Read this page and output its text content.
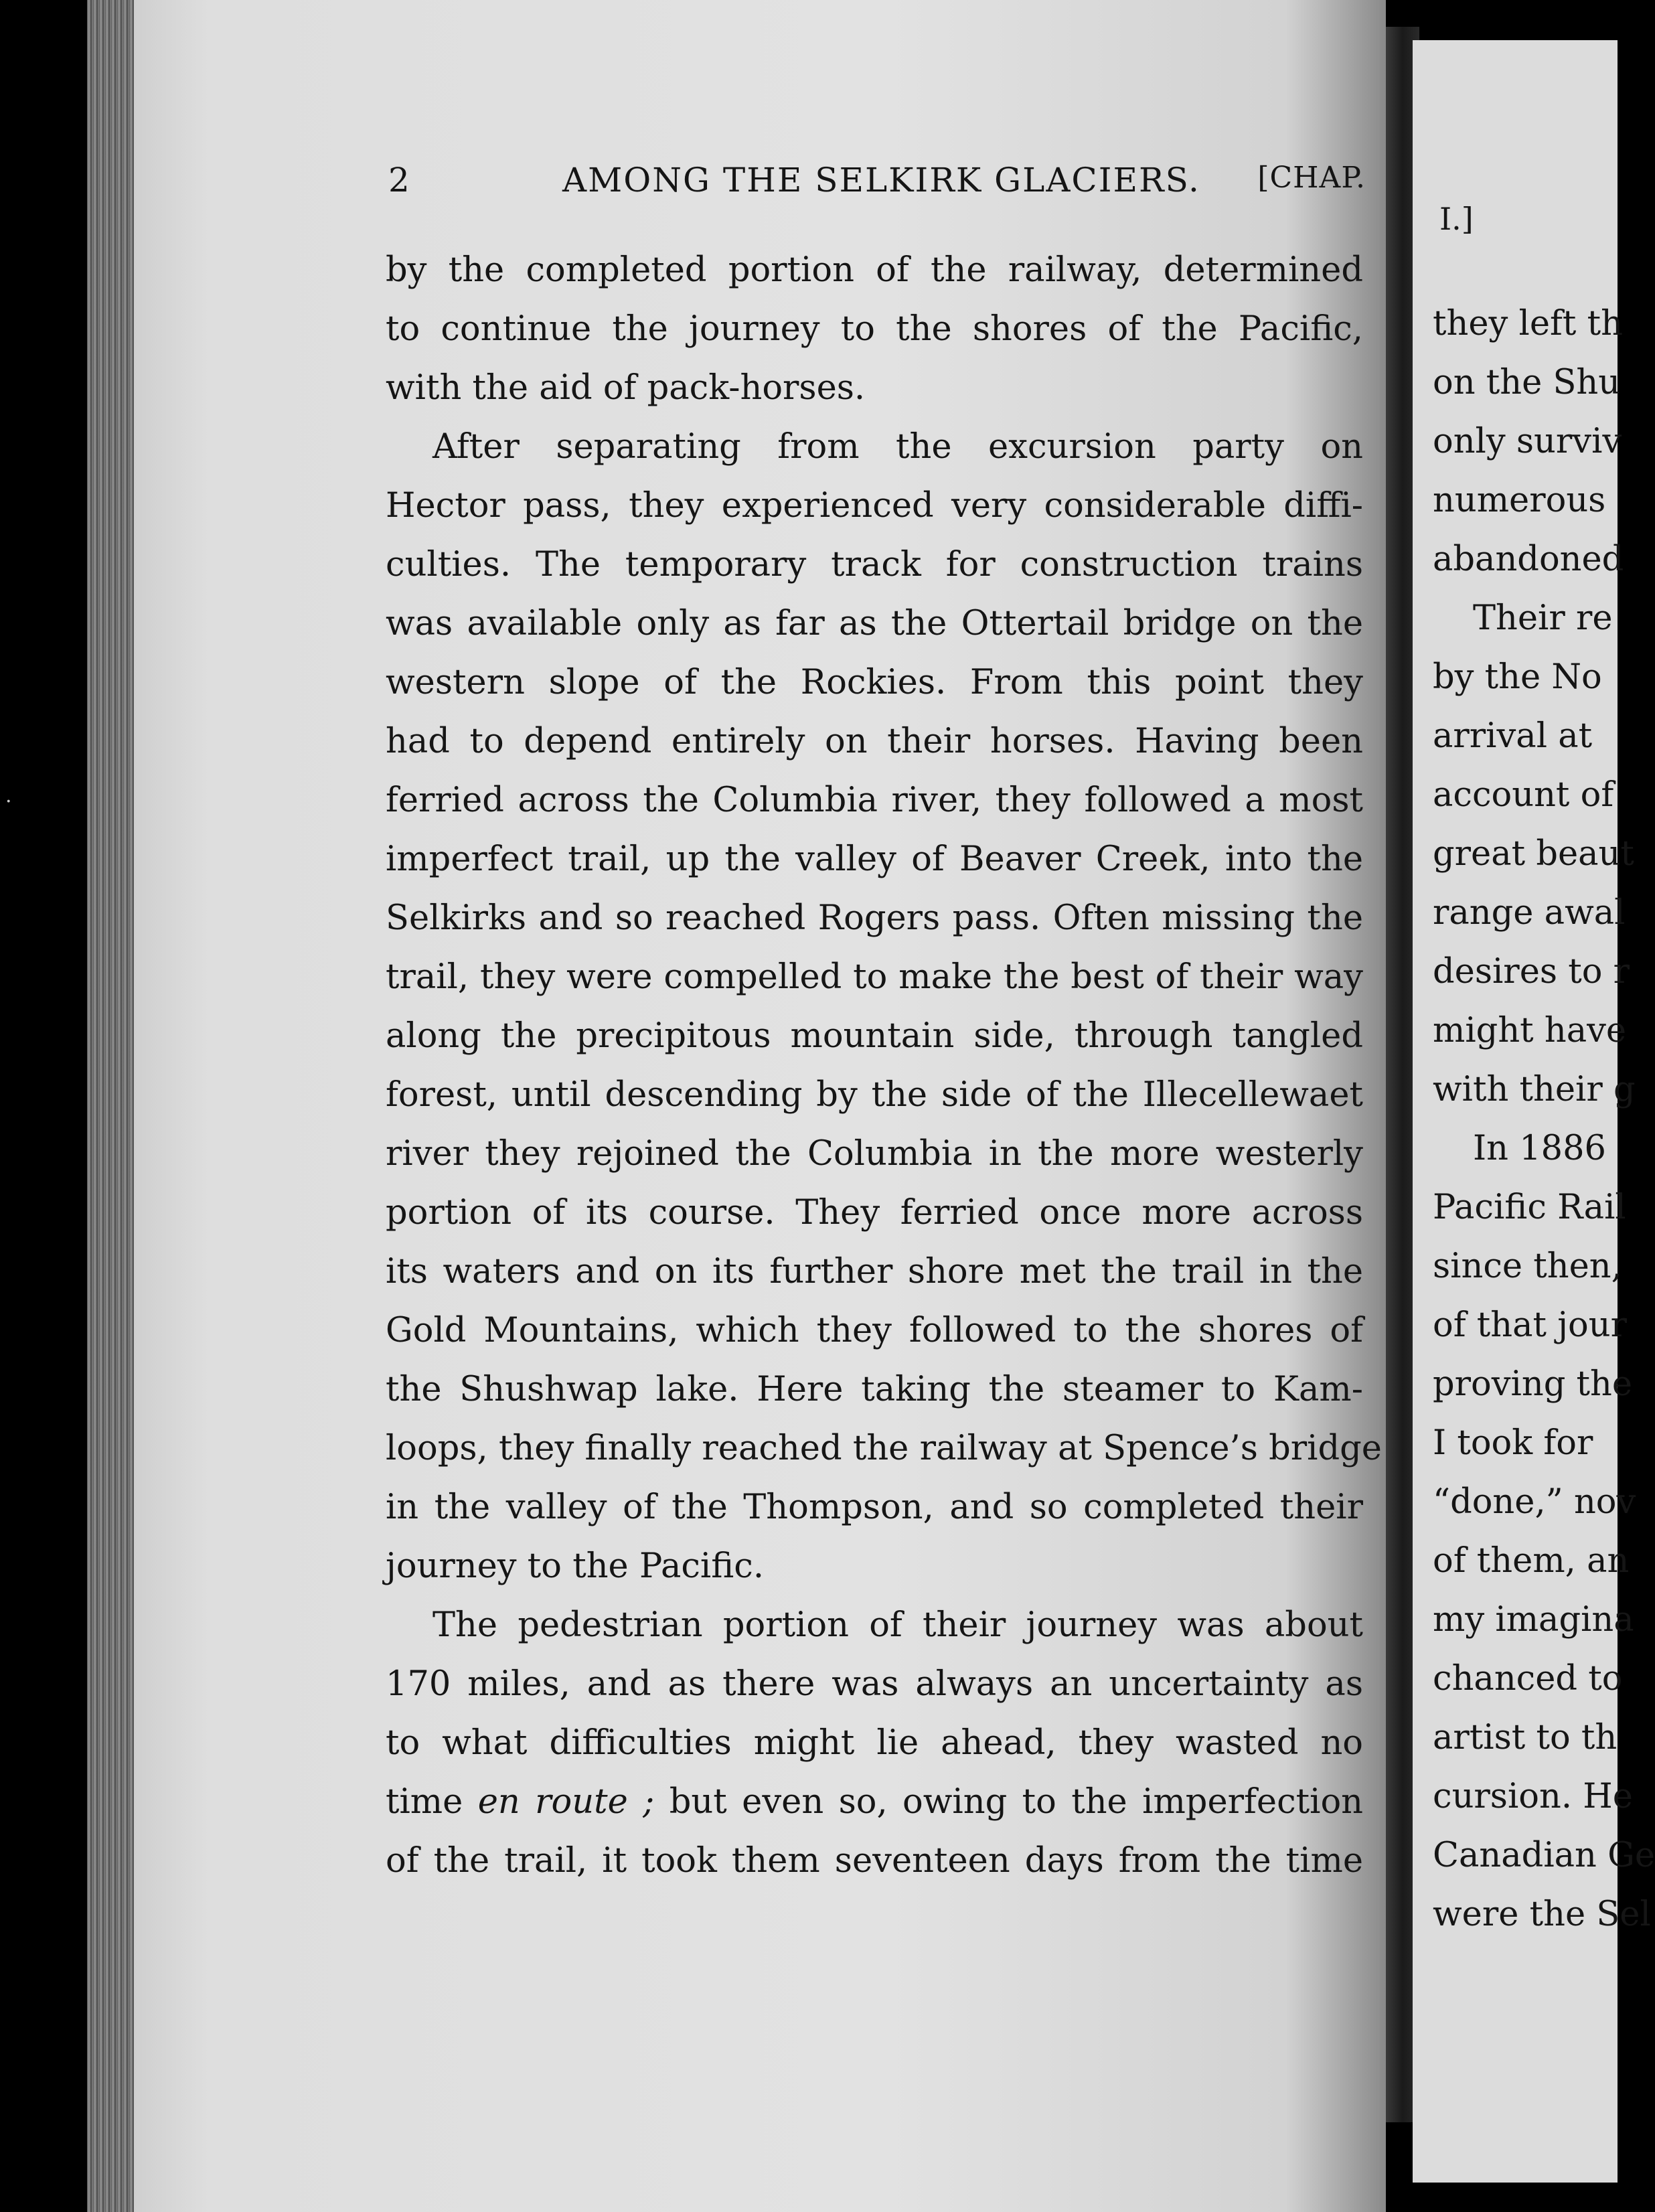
2	AMONG THE SELKIRK GLACIERS. [CHAP.
by the completed portion of the railway, determined
to continue the journey to the shores of the Pacific,
with the aid of pack-horses.
After separating from the excursion party on
Hector pass, they experienced very considerable diffi-
culties. The temporary track for construction trains
was available only as far as the Ottertail bridge on the
western slope of the Rockies. From this point they
had to depend entirely on their horses. Having been
ferried across the Columbia river, they followed a most
imperfect trail, up the valley of Beaver Creek, into the
Selkirks and so reached Rogers pass. Often missing the
trail, they were compelled to make the best of their way
along the precipitous mountain side, through tangled
forest, until descending by the side of the Illecellewaet
river they rejoined the Columbia in the more westerly
portion of its course. They ferried once more across
its waters and on its further shore met the trail in the
Gold Mountains, which they followed to the shores of
the Shushwap lake. Here taking the steamer to Kam-
loops, they finally reached the railway at Spence’s bridge
in the valley of the Thompson, and so completed their
journey to the Pacific.
The pedestrian portion of their journey was about
170 miles, and as there was always an uncertainty as
to what difficulties might lie ahead, they wasted no
time en route ; but even so, owing to the imperfection
of the trail, it took them seventeen days from the time
I.]
they left th
on the Shu
only surviv
numerous
abandoned
Their re
by the No
arrival at
account of
great beaut
range awal
desires to r
might have
with their g
In 1886
Pacific Rail
since then,
of that jour
proving the
I took for
“done,” nov
of them, an
my imagina
chanced to
artist to th
cursion. He
Canadian Ge
were the Sel
·
